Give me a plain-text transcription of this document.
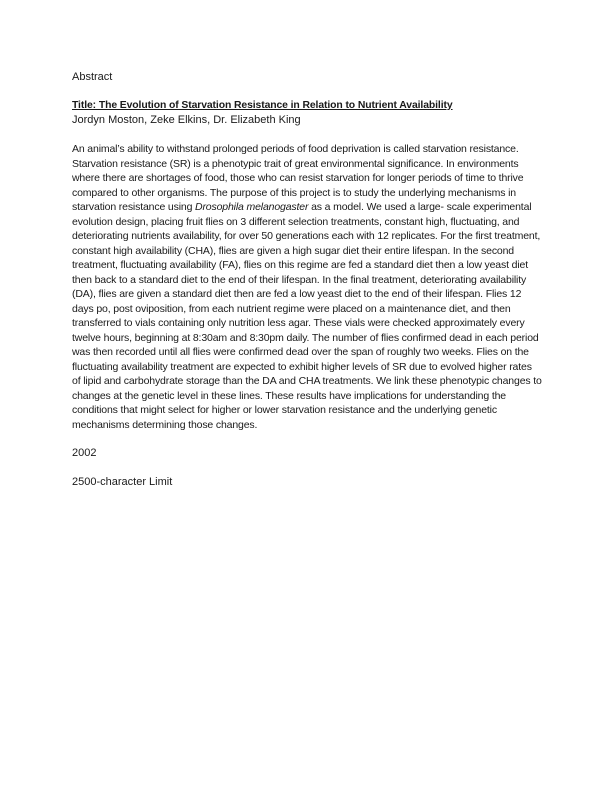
Abstract

Title: The Evolution of Starvation Resistance in Relation to Nutrient Availability

Jordyn Moston, Zeke Elkins, Dr. Elizabeth King

An animal’s ability to withstand prolonged periods of food deprivation is called starvation resistance. Starvation resistance (SR) is a phenotypic trait of great environmental significance. In environments where there are shortages of food, those who can resist starvation for longer periods of time to thrive compared to other organisms. The purpose of this project is to study the underlying mechanisms in starvation resistance using Drosophila melanogaster as a model. We used a large- scale experimental evolution design, placing fruit flies on 3 different selection treatments, constant high, fluctuating, and deteriorating nutrients availability, for over 50 generations each with 12 replicates. For the first treatment, constant high availability (CHA), flies are given a high sugar diet their entire lifespan. In the second treatment, fluctuating availability (FA), flies on this regime are fed a standard diet then a low yeast diet then back to a standard diet to the end of their lifespan. In the final treatment, deteriorating availability (DA), flies are given a standard diet then are fed a low yeast diet to the end of their lifespan. Flies 12 days po, post oviposition, from each nutrient regime were placed on a maintenance diet, and then transferred to vials containing only nutrition less agar. These vials were checked approximately every twelve hours, beginning at 8:30am and 8:30pm daily. The number of flies confirmed dead in each period was then recorded until all flies were confirmed dead over the span of roughly two weeks. Flies on the fluctuating availability treatment are expected to exhibit higher levels of SR due to evolved higher rates of lipid and carbohydrate storage than the DA and CHA treatments. We link these phenotypic changes to changes at the genetic level in these lines. These results have implications for understanding the conditions that might select for higher or lower starvation resistance and the underlying genetic mechanisms determining those changes.

2002

2500-character Limit
